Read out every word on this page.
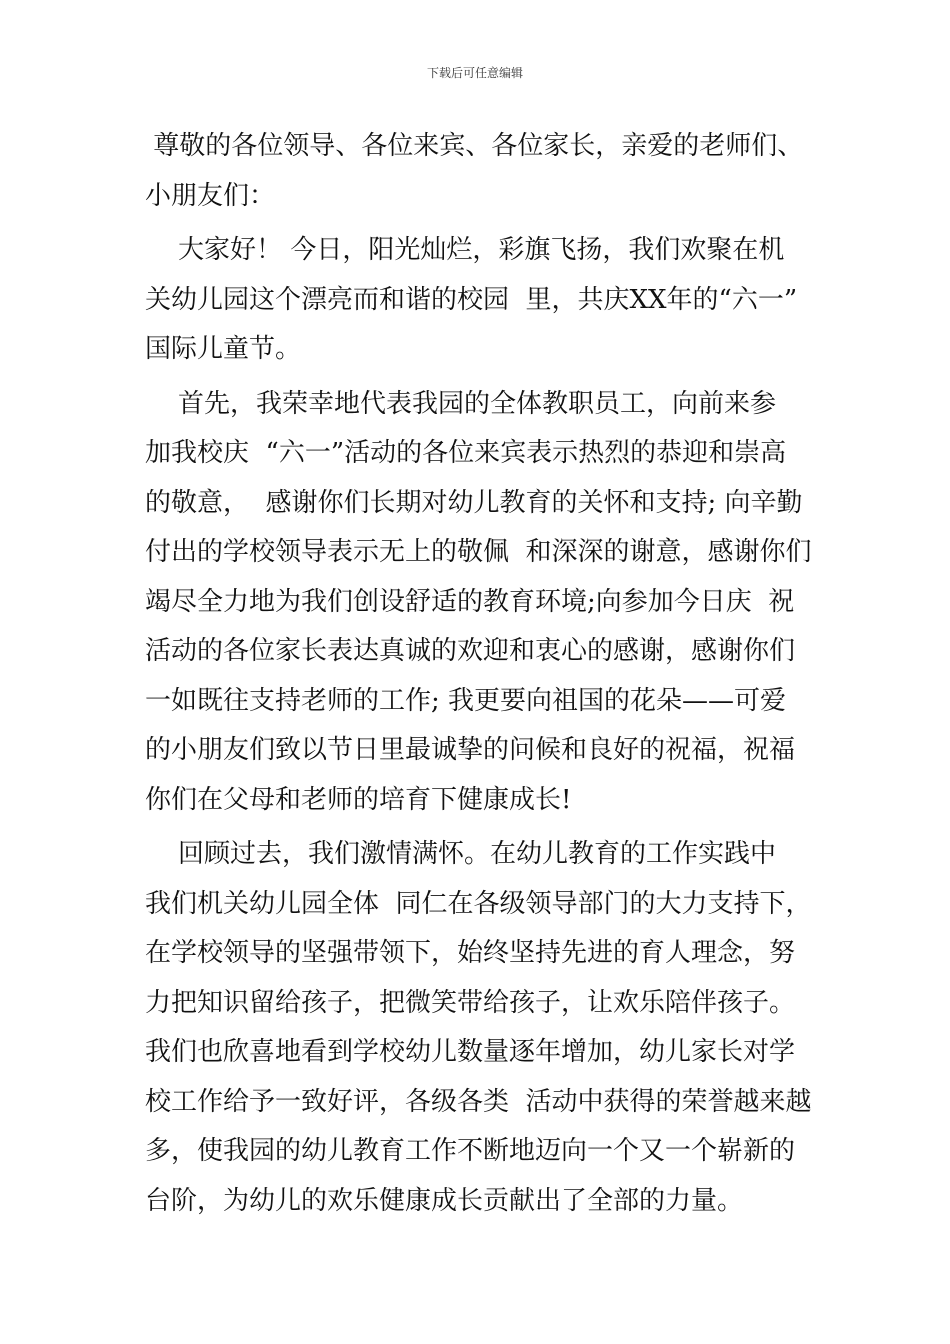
下载后可任意编辑
尊敬的各位领导、各位来宾、各位家长，亲爱的老师们、
小朋友们：
大家好！ 今日，阳光灿烂，彩旗飞扬，我们欢聚在机
关幼儿园这个漂亮而和谐的校园  里，共庆XX年的“六一”
国际儿童节。
首先，我荣幸地代表我园的全体教职员工，向前来参
加我校庆  “六一”活动的各位来宾表示热烈的恭迎和崇高
的敬意，  感谢你们长期对幼儿教育的关怀和支持; 向辛勤
付出的学校领导表示无上的敬佩  和深深的谢意，感谢你们
竭尽全力地为我们创设舒适的教育环境;向参加今日庆  祝
活动的各位家长表达真诚的欢迎和衷心的感谢，感谢你们
一如既往支持老师的工作; 我更要向祖国的花朵——可爱
的小朋友们致以节日里最诚挚的问候和良好的祝福，祝福
你们在父母和老师的培育下健康成长!
回顾过去，我们激情满怀。在幼儿教育的工作实践中
我们机关幼儿园全体  同仁在各级领导部门的大力支持下，
在学校领导的坚强带领下，始终坚持先进的育人理念，努
力把知识留给孩子，把微笑带给孩子，让欢乐陪伴孩子。
我们也欣喜地看到学校幼儿数量逐年增加，幼儿家长对学
校工作给予一致好评，各级各类  活动中获得的荣誉越来越
多，使我园的幼儿教育工作不断地迈向一个又一个崭新的
台阶，为幼儿的欢乐健康成长贡献出了全部的力量。
